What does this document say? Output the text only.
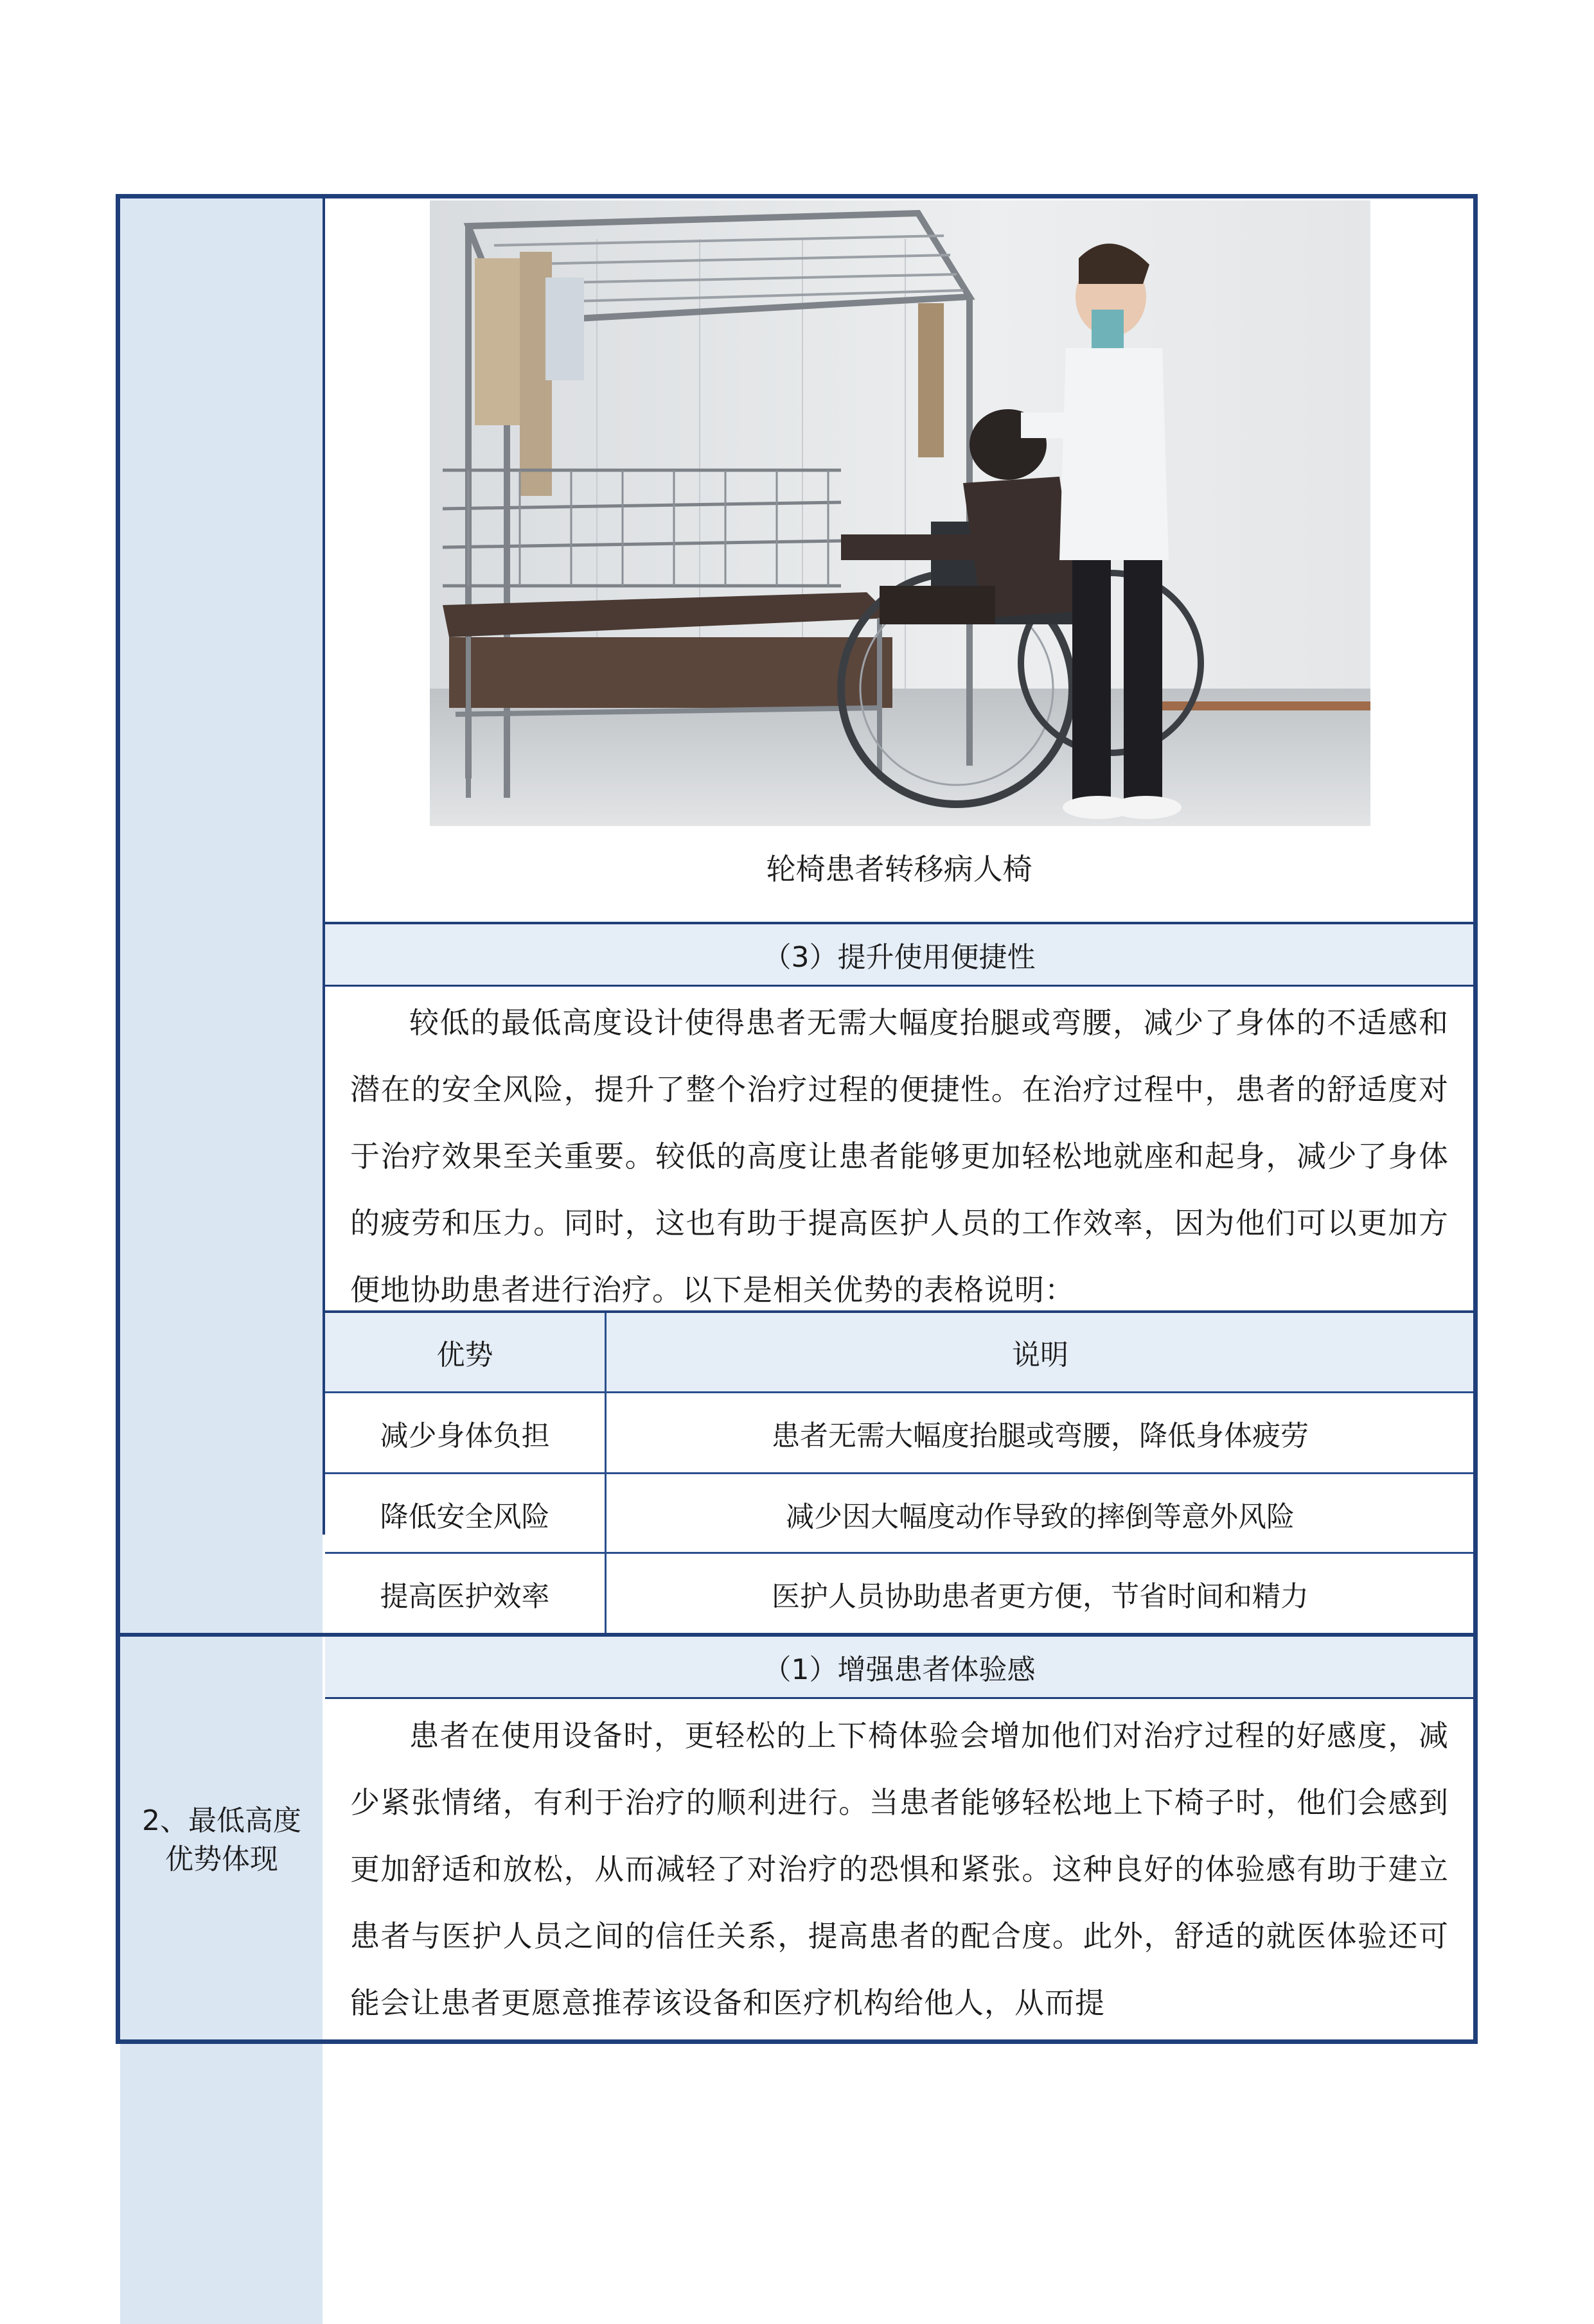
轮椅患者转移病人椅
（3）提升使用便捷性
较低的最低高度设计使得患者无需大幅度抬腿或弯腰，减少了身体的不适感和潜在的安全风险，提升了整个治疗过程的便捷性。在治疗过程中，患者的舒适度对于治疗效果至关重要。较低的高度让患者能够更加轻松地就座和起身，减少了身体的疲劳和压力。同时，这也有助于提高医护人员的工作效率，因为他们可以更加方便地协助患者进行治疗。以下是相关优势的表格说明：
优势	说明
减少身体负担	患者无需大幅度抬腿或弯腰，降低身体疲劳
降低安全风险	减少因大幅度动作导致的摔倒等意外风险
提高医护效率	医护人员协助患者更方便，节省时间和精力
2、最低高度优势体现
（1）增强患者体验感
患者在使用设备时，更轻松的上下椅体验会增加他们对治疗过程的好感度，减少紧张情绪，有利于治疗的顺利进行。当患者能够轻松地上下椅子时，他们会感到更加舒适和放松，从而减轻了对治疗的恐惧和紧张。这种良好的体验感有助于建立患者与医护人员之间的信任关系，提高患者的配合度。此外，舒适的就医体验还可能会让患者更愿意推荐该设备和医疗机构给他人，从而提
